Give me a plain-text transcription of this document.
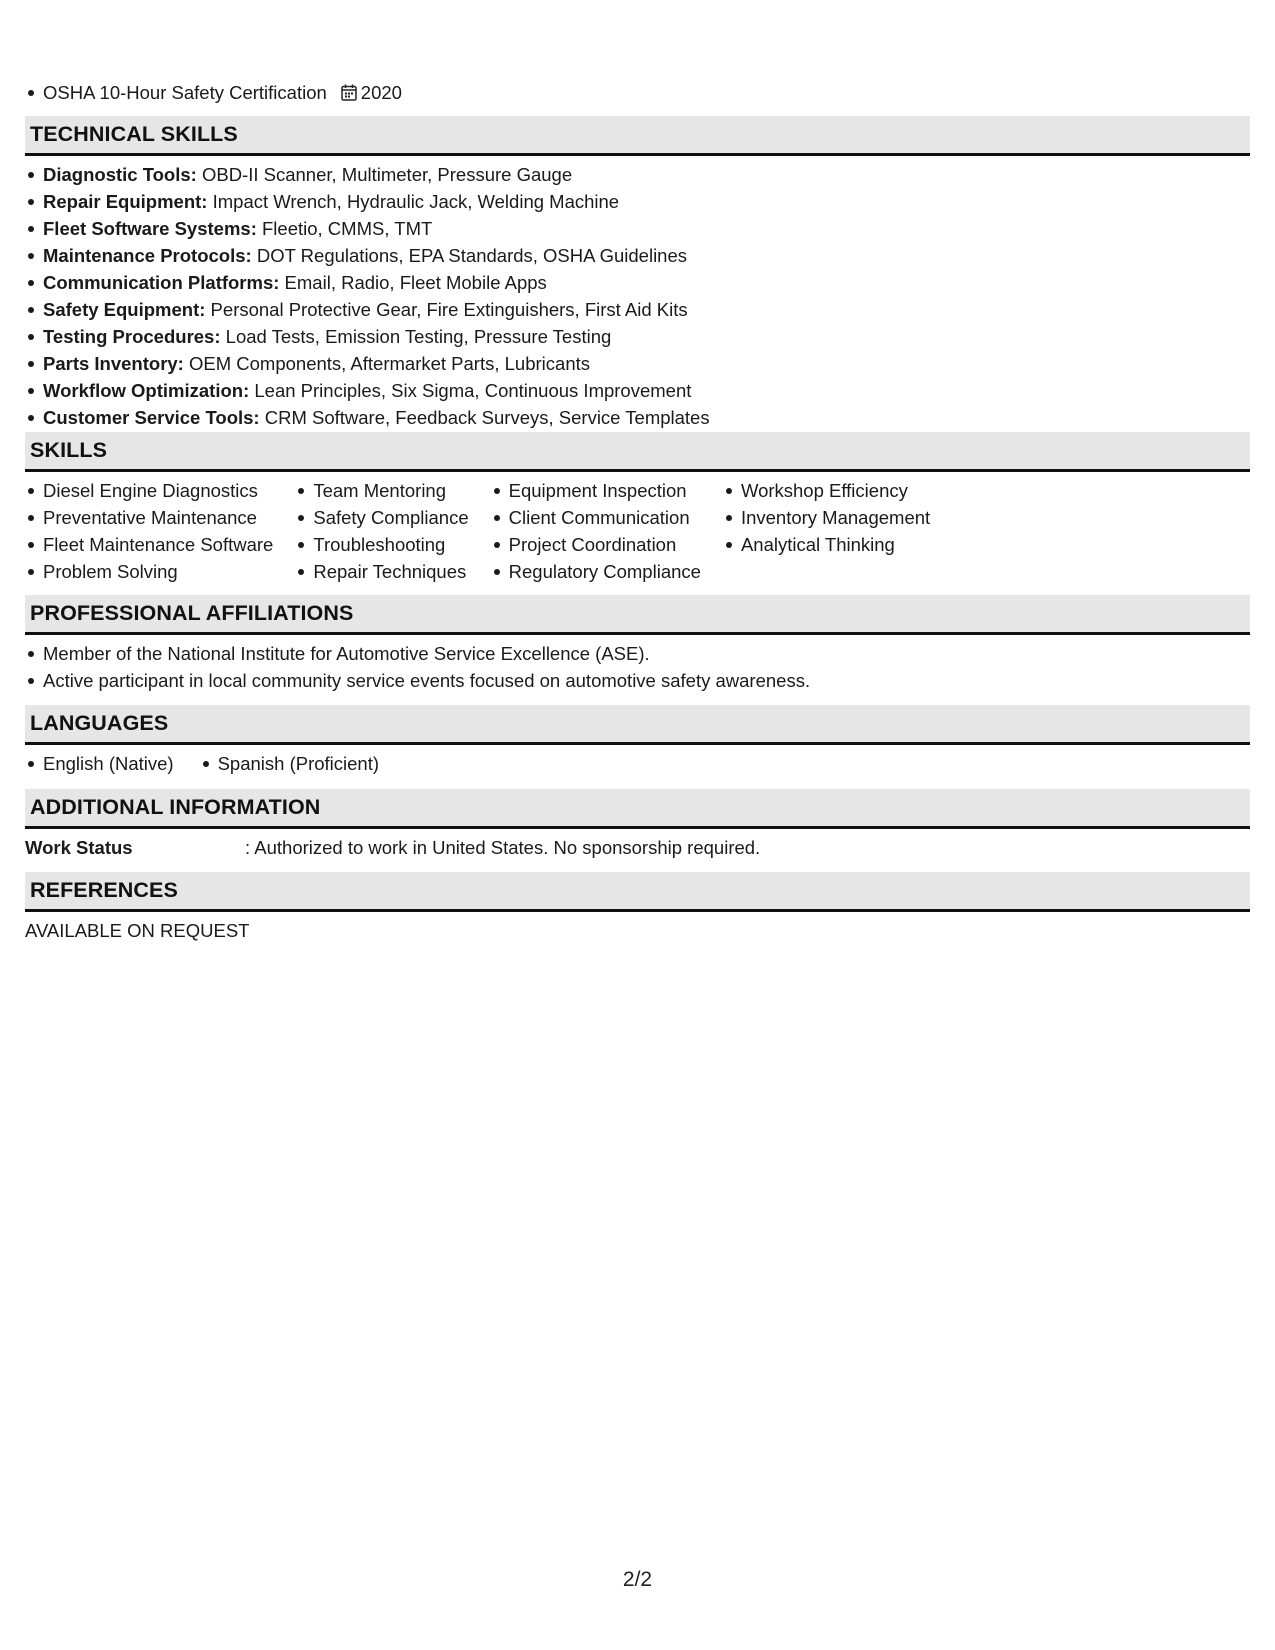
OSHA 10-Hour Safety Certification 2020
TECHNICAL SKILLS
Diagnostic Tools: OBD-II Scanner, Multimeter, Pressure Gauge
Repair Equipment: Impact Wrench, Hydraulic Jack, Welding Machine
Fleet Software Systems: Fleetio, CMMS, TMT
Maintenance Protocols: DOT Regulations, EPA Standards, OSHA Guidelines
Communication Platforms: Email, Radio, Fleet Mobile Apps
Safety Equipment: Personal Protective Gear, Fire Extinguishers, First Aid Kits
Testing Procedures: Load Tests, Emission Testing, Pressure Testing
Parts Inventory: OEM Components, Aftermarket Parts, Lubricants
Workflow Optimization: Lean Principles, Six Sigma, Continuous Improvement
Customer Service Tools: CRM Software, Feedback Surveys, Service Templates
SKILLS
Diesel Engine Diagnostics
Preventative Maintenance
Fleet Maintenance Software
Problem Solving
Team Mentoring
Safety Compliance
Troubleshooting
Repair Techniques
Equipment Inspection
Client Communication
Project Coordination
Regulatory Compliance
Workshop Efficiency
Inventory Management
Analytical Thinking
PROFESSIONAL AFFILIATIONS
Member of the National Institute for Automotive Service Excellence (ASE).
Active participant in local community service events focused on automotive safety awareness.
LANGUAGES
English (Native)	Spanish (Proficient)
ADDITIONAL INFORMATION
Work Status	: Authorized to work in United States. No sponsorship required.
REFERENCES
AVAILABLE ON REQUEST
2/2
